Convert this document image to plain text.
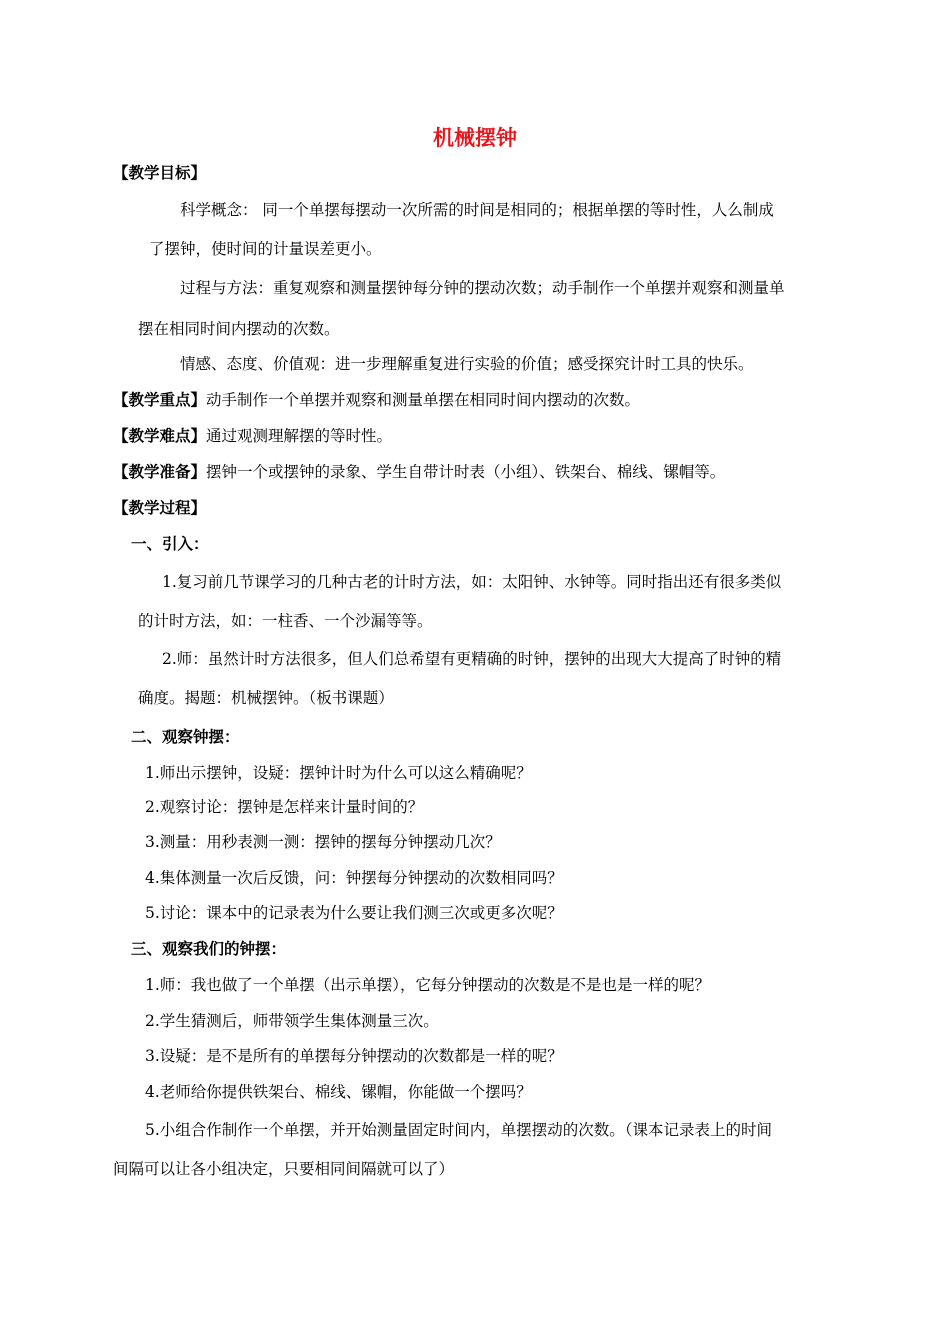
机械摆钟
【教学目标】
科学概念： 同一个单摆每摆动一次所需的时间是相同的；根据单摆的等时性，人么制成
了摆钟，使时间的计量误差更小。
过程与方法：重复观察和测量摆钟每分钟的摆动次数；动手制作一个单摆并观察和测量单
摆在相同时间内摆动的次数。
情感、态度、价值观：进一步理解重复进行实验的价值；感受探究计时工具的快乐。
【教学重点】动手制作一个单摆并观察和测量单摆在相同时间内摆动的次数。
【教学难点】通过观测理解摆的等时性。
【教学准备】摆钟一个或摆钟的录象、学生自带计时表（小组）、铁架台、棉线、镙帽等。
【教学过程】
一、引入：
1.复习前几节课学习的几种古老的计时方法，如：太阳钟、水钟等。同时指出还有很多类似
的计时方法，如：一柱香、一个沙漏等等。
2.师：虽然计时方法很多，但人们总希望有更精确的时钟，摆钟的出现大大提高了时钟的精
确度。揭题：机械摆钟。（板书课题）
二、观察钟摆：
1.师出示摆钟，设疑：摆钟计时为什么可以这么精确呢？
2.观察讨论：摆钟是怎样来计量时间的？
3.测量：用秒表测一测：摆钟的摆每分钟摆动几次？
4.集体测量一次后反馈，问：钟摆每分钟摆动的次数相同吗？
5.讨论：课本中的记录表为什么要让我们测三次或更多次呢？
三、观察我们的钟摆：
1.师：我也做了一个单摆（出示单摆），它每分钟摆动的次数是不是也是一样的呢？
2.学生猜测后，师带领学生集体测量三次。
3.设疑：是不是所有的单摆每分钟摆动的次数都是一样的呢？
4.老师给你提供铁架台、棉线、镙帽，你能做一个摆吗？
5.小组合作制作一个单摆，并开始测量固定时间内，单摆摆动的次数。（课本记录表上的时间
间隔可以让各小组决定，只要相同间隔就可以了）
